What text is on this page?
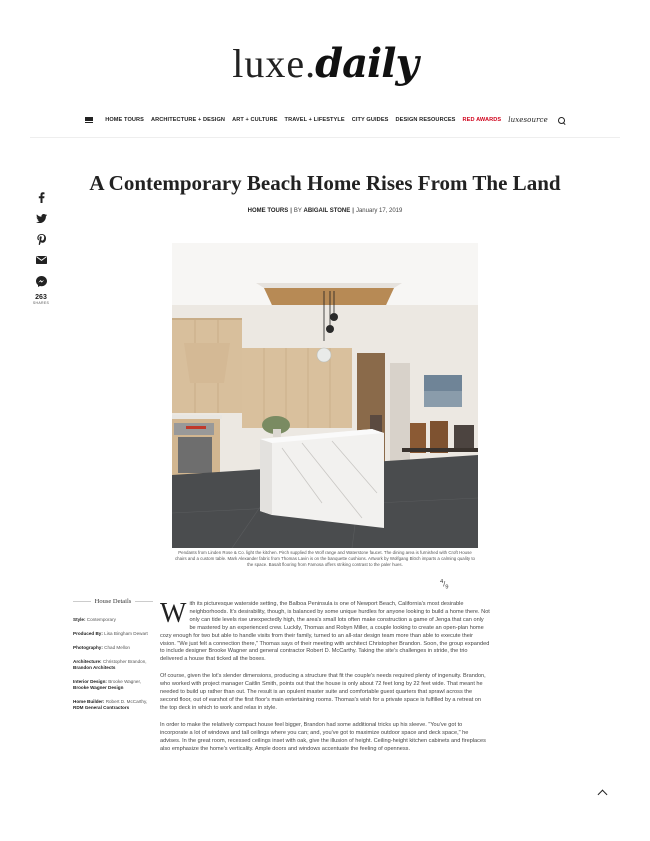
luxe.daily
HOME TOURS ARCHITECTURE + DESIGN ART + CULTURE TRAVEL + LIFESTYLE CITY GUIDES DESIGN RESOURCES RED AWARDS luxesource
A Contemporary Beach Home Rises From The Land
HOME TOURS | BY ABIGAIL STONE | January 17, 2019
263
SHARES
Pendants from Linden Rose & Co. light the kitchen. Pirch supplied the Wolf range and Waterstone faucet. The dining area is furnished with Croft House chairs and a custom table. Mark Alexander fabric from Thomas Lavin is on the banquette cushions. Artwork by Wolfgang Blöch imparts a calming quality to the space. Basalt flooring from Famosa offers striking contrast to the paler hues.
$^4/_9$
House Details
Style: Contemporary
Produced By: Lisa Bingham Dewart
Photography: Chad Mellon
Architecture: Christopher Brandon, Brandon Architects
Interior Design: Brooke Wagner, Brooke Wagner Design
Home Builder: Robert D. McCarthy, RDM General Contractors

With its picturesque waterside setting, the Balboa Peninsula is one of Newport Beach, California's most desirable neighborhoods. It's desirability, though, is balanced by some unique hurdles for anyone looking to build a home there. Not only can tide levels rise unexpectedly high, the area's small lots often make construction a game of Jenga that can only be mastered by an experienced crew. Luckily, Thomas and Robyn Miller, a couple looking to create an open-plan home cozy enough for two but able to handle visits from their family, turned to an all-star design team more than able to execute their vision. "We just felt a connection there," Thomas says of their meeting with architect Christopher Brandon. Soon, the group expanded to include designer Brooke Wagner and general contractor Robert D. McCarthy. Taking the site's challenges in stride, the trio delivered a house that ticked all the boxes.

Of course, given the lot's slender dimensions, producing a structure that fit the couple's needs required plenty of ingenuity. Brandon, who worked with project manager Caitlin Smith, points out that the house is only about 72 feet long by 22 feet wide. That meant he needed to build up rather than out. The result is an opulent master suite and comfortable guest quarters that sprawl across the second floor, out of earshot of the first floor's main entertaining rooms. Thomas's wish for a private space is fulfilled by a retreat on the top deck in which to work and relax in style.

In order to make the relatively compact house feel bigger, Brandon had some additional tricks up his sleeve. "You've got to incorporate a lot of windows and tall ceilings where you can; and, you've got to maximize outdoor space and deck space," he advises. In the great room, recessed ceilings inset with oak, give the illusion of height. Ceiling-height kitchen cabinets and fireplaces also emphasize the home's verticality. Ample doors and windows accentuate the feeling of openness.
